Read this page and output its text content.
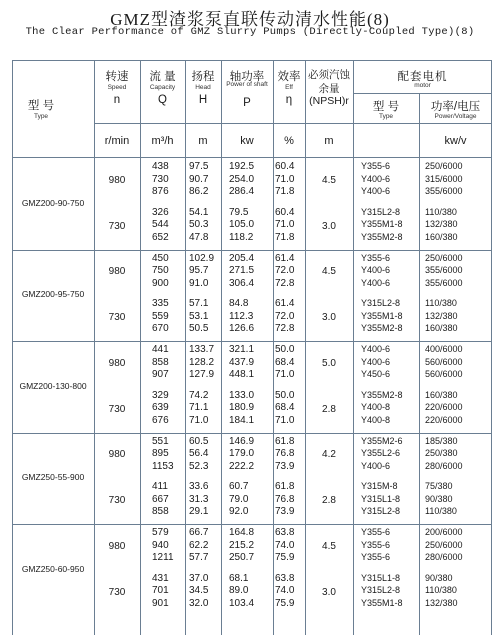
GMZ型渣浆泵直联传动清水性能(8)
The Clear Performance of GMZ Slurry Pumps (Directly-Coupled Type)(8)
型 号
Type
转速
Speed
n
流 量
Capacity
Q
扬程
Head
H
轴功率
Power of shaft
P
效率
Eff
η
必须汽蚀
余量
(NPSH)r
配套电机
motor
型 号
Type
功率/电压
Power/Voltage
r/min	m³/h	m	kw	%	m	kw/v
GMZ200-90-750
980	4.5
438	97.5	192.5	60.4	Y355-6	250/6000
730	90.7	254.0	71.0	Y400-6	315/6000
876	86.2	286.4	71.8	Y400-6	355/6000
730	3.0
326	54.1	79.5	60.4	Y315L2-8	110/380
544	50.3	105.0	71.0	Y355M1-8	132/380
652	47.8	118.2	71.8	Y355M2-8	160/380
GMZ200-95-750
980	4.5
450	102.9	205.4	61.4	Y355-6	250/6000
750	95.7	271.5	72.0	Y400-6	355/6000
900	91.0	306.4	72.8	Y400-6	355/6000
730	3.0
335	57.1	84.8	61.4	Y315L2-8	110/380
559	53.1	112.3	72.0	Y355M1-8	132/380
670	50.5	126.6	72.8	Y355M2-8	160/380
GMZ200-130-800
980	5.0
441	133.7	321.1	50.0	Y400-6	400/6000
858	128.2	437.9	68.4	Y400-6	560/6000
907	127.9	448.1	71.0	Y450-6	560/6000
730	2.8
329	74.2	133.0	50.0	Y355M2-8	160/380
639	71.1	180.9	68.4	Y400-8	220/6000
676	71.0	184.1	71.0	Y400-8	220/6000
GMZ250-55-900
980	4.2
551	60.5	146.9	61.8	Y355M2-6	185/380
895	56.4	179.0	76.8	Y355L2-6	250/380
1153	52.3	222.2	73.9	Y400-6	280/6000
730	2.8
411	33.6	60.7	61.8	Y315M-8	75/380
667	31.3	79.0	76.8	Y315L1-8	90/380
858	29.1	92.0	73.9	Y315L2-8	110/380
GMZ250-60-950
980	4.5
579	66.7	164.8	63.8	Y355-6	200/6000
940	62.2	215.2	74.0	Y355-6	250/6000
1211	57.7	250.7	75.9	Y355-6	280/6000
730	3.0
431	37.0	68.1	63.8	Y315L1-8	90/380
701	34.5	89.0	74.0	Y315L2-8	110/380
901	32.0	103.4	75.9	Y355M1-8	132/380
